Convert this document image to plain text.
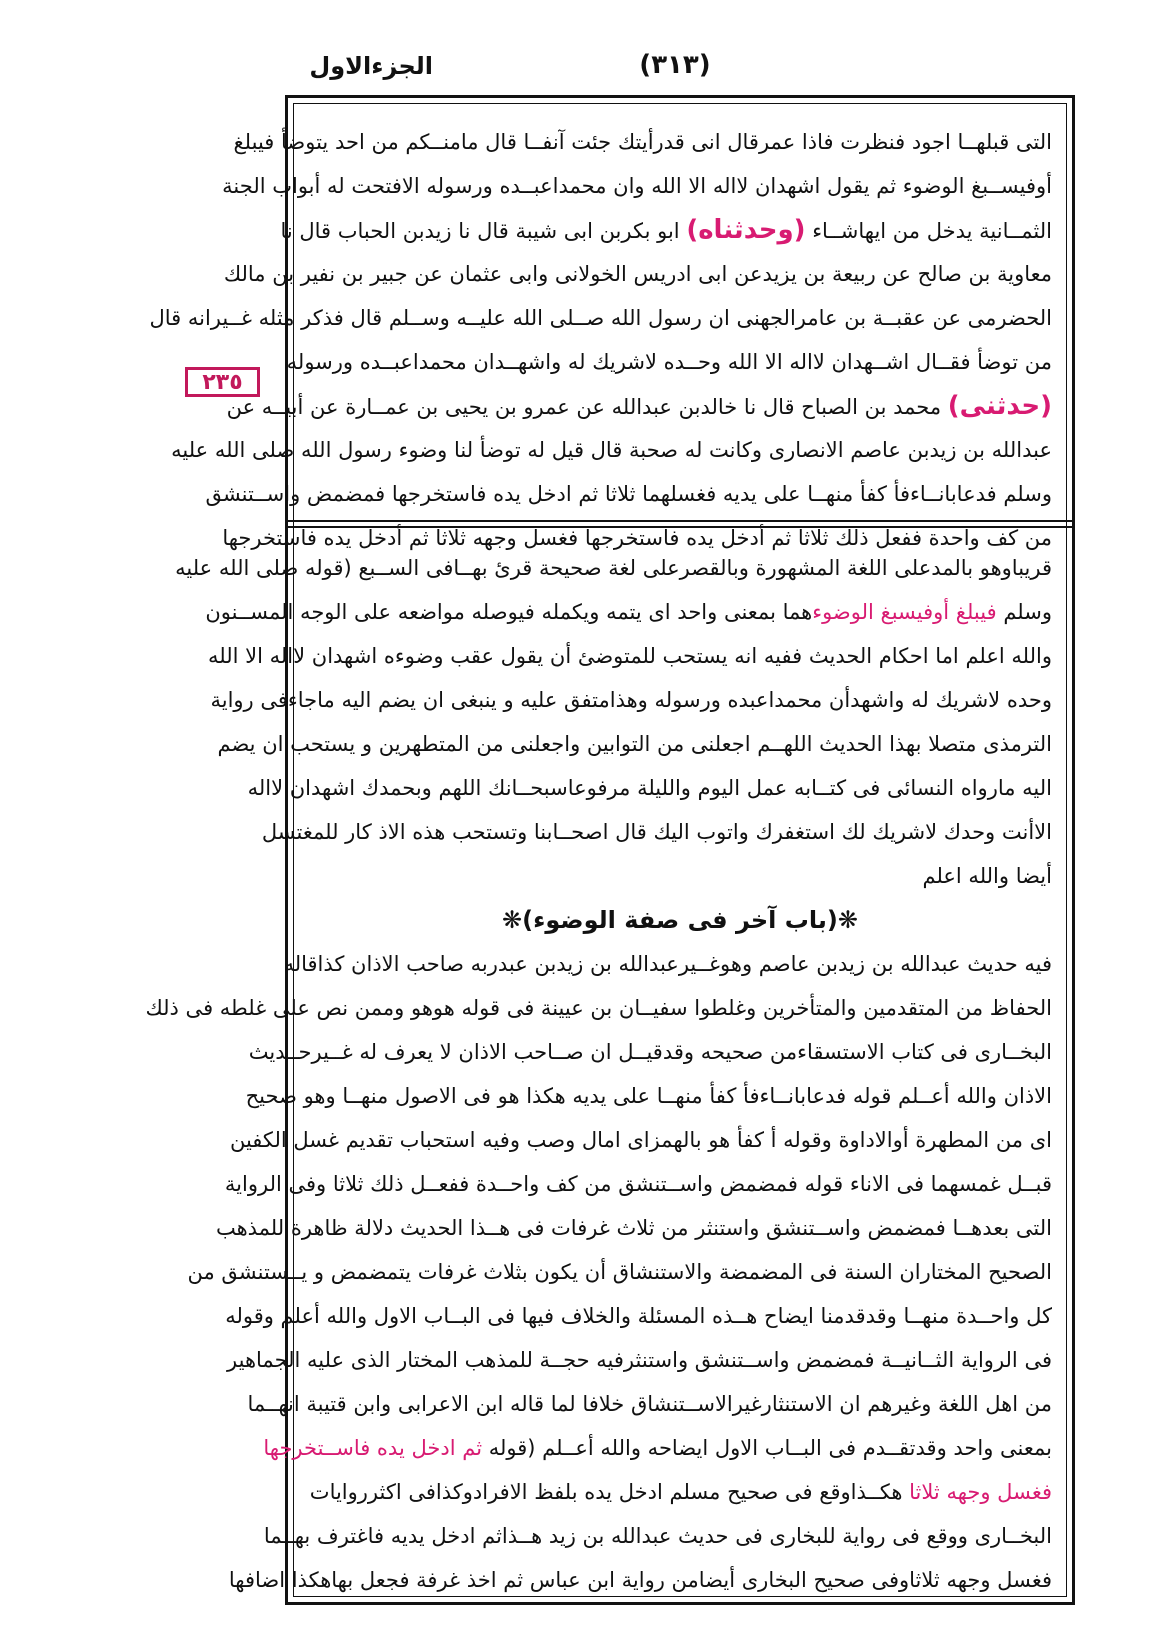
الجزءالاول	(٣١٣)
٢٣٥
التى قبلهــا اجود فنظرت فاذا عمرقال انى قدرأيتك جئت آنفــا قال مامنــكم من احد يتوضأ فيبلغ
أوفيســبغ الوضوء ثم يقول اشهدان لااله الا الله وان محمداعبــده ورسوله الافتحت له أبواب الجنة
الثمــانية يدخل من ايهاشــاء (وحدثناه) ابو بكربن ابى شيبة قال نا زيدبن الحباب قال نا
معاوية بن صالح عن ربيعة بن يزيدعن ابى ادريس الخولانى وابى عثمان عن جبير بن نفير بن مالك
الحضرمى عن عقبــة بن عامرالجهنى ان رسول الله صــلى الله عليــه وســلم قال فذكر مثله غــيرانه قال
من توضأ فقــال اشــهدان لااله الا الله وحــده لاشريك له واشهــدان محمداعبــده ورسوله
(حدثنى) محمد بن الصباح قال نا خالدبن عبدالله عن عمرو بن يحيى بن عمــارة عن أبيــه عن
عبدالله بن زيدبن عاصم الانصارى وكانت له صحبة قال قيل له توضأ لنا وضوء رسول الله صلى الله عليه
وسلم فدعابانــاءفأ كفأ منهــا على يديه فغسلهما ثلاثا ثم ادخل يده فاستخرجها فمضمض واســتنشق
من كف واحدة ففعل ذلك ثلاثا ثم أدخل يده فاستخرجها فغسل وجهه ثلاثا ثم أدخل يده فاستخرجها
قريباوهو بالمدعلى اللغة المشهورة وبالقصرعلى لغة صحيحة قرئ بهــافى الســبع (قوله صلى الله عليه
وسلم فيبلغ أوفيسبغ الوضوءهما بمعنى واحد اى يتمه ويكمله فيوصله مواضعه على الوجه المســنون
والله اعلم اما احكام الحديث ففيه انه يستحب للمتوضئ أن يقول عقب وضوءه اشهدان لااله الا الله
وحده لاشريك له واشهدأن محمداعبده ورسوله وهذامتفق عليه و ينبغى ان يضم اليه ماجاءفى رواية
الترمذى متصلا بهذا الحديث اللهــم اجعلنى من التوابين واجعلنى من المتطهرين و يستحب ان يضم
اليه مارواه النسائى فى كتــابه عمل اليوم والليلة مرفوعاسبحــانك اللهم وبحمدك اشهدان لااله
الاأنت وحدك لاشريك لك استغفرك واتوب اليك قال اصحــابنا وتستحب هذه الاذ كار للمغتسل
أيضا والله اعلم
❋(باب آخر فى صفة الوضوء)❋
فيه حديث عبدالله بن زيدبن عاصم وهوغــيرعبدالله بن زيدبن عبدربه صاحب الاذان كذاقاله
الحفاظ من المتقدمين والمتأخرين وغلطوا سفيــان بن عيينة فى قوله هوهو وممن نص على غلطه فى ذلك
البخــارى فى كتاب الاستسقاءمن صحيحه وقدقيــل ان صــاحب الاذان لا يعرف له غــيرحــديث
الاذان والله أعــلم قوله فدعابانــاءفأ كفأ منهــا على يديه هكذا هو فى الاصول منهــا وهو صحيح
اى من المطهرة أوالاداوة وقوله أ كفأ هو بالهمزاى امال وصب وفيه استحباب تقديم غسل الكفين
قبــل غمسهما فى الاناء قوله فمضمض واســتنشق من كف واحــدة ففعــل ذلك ثلاثا وفى الرواية
التى بعدهــا فمضمض واســتنشق واستنثر من ثلاث غرفات فى هــذا الحديث دلالة ظاهرة للمذهب
الصحيح المختاران السنة فى المضمضة والاستنشاق أن يكون بثلاث غرفات يتمضمض و يــستنشق من
كل واحــدة منهــا وقدقدمنا ايضاح هــذه المسئلة والخلاف فيها فى البــاب الاول والله أعلم وقوله
فى الرواية الثــانيــة فمضمض واســتنشق واستنثرفيه حجــة للمذهب المختار الذى عليه الجماهير
من اهل اللغة وغيرهم ان الاستنثارغيرالاســتنشاق خلافا لما قاله ابن الاعرابى وابن قتيبة انهــما
بمعنى واحد وقدتقــدم فى البــاب الاول ايضاحه والله أعــلم (قوله ثم ادخل يده فاســتخرجها
فغسل وجهه ثلاثا هكــذاوقع فى صحيح مسلم ادخل يده بلفظ الافرادوكذافى اكثرروايات
البخــارى ووقع فى رواية للبخارى فى حديث عبدالله بن زيد هــذاثم ادخل يديه فاغترف بهــما
فغسل وجهه ثلاثاوفى صحيح البخارى أيضامن رواية ابن عباس ثم اخذ غرفة فجعل بهاهكذا اضافها
